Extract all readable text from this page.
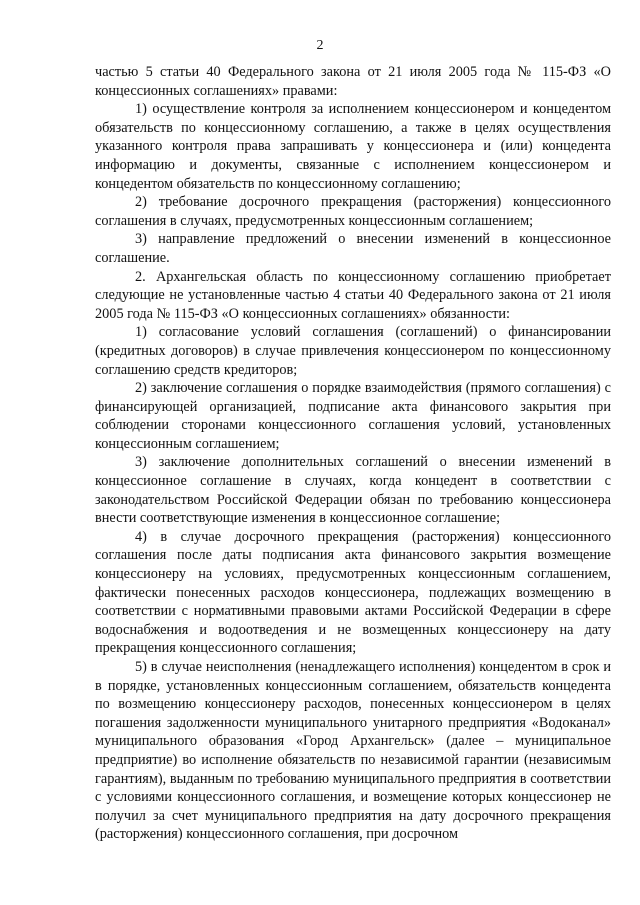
2

частью 5 статьи 40 Федерального закона от 21 июля 2005 года № 115-ФЗ «О концессионных соглашениях» правами:

1) осуществление контроля за исполнением концессионером и концедентом обязательств по концессионному соглашению, а также в целях осуществления указанного контроля права запрашивать у концессионера и (или) концедента информацию и документы, связанные с исполнением концессионером и концедентом обязательств по концессионному соглашению;

2) требование досрочного прекращения (расторжения) концессионного соглашения в случаях, предусмотренных концессионным соглашением;

3) направление предложений о внесении изменений в концессионное соглашение.

2. Архангельская область по концессионному соглашению приобретает следующие не установленные частью 4 статьи 40 Федерального закона от 21 июля 2005 года № 115-ФЗ «О концессионных соглашениях» обязанности:

1) согласование условий соглашения (соглашений) о финансировании (кредитных договоров) в случае привлечения концессионером по концессионному соглашению средств кредиторов;

2) заключение соглашения о порядке взаимодействия (прямого соглашения) с финансирующей организацией, подписание акта финансового закрытия при соблюдении сторонами концессионного соглашения условий, установленных концессионным соглашением;

3) заключение дополнительных соглашений о внесении изменений в концессионное соглашение в случаях, когда концедент в соответствии с законодательством Российской Федерации обязан по требованию концессионера внести соответствующие изменения в концессионное соглашение;

4) в случае досрочного прекращения (расторжения) концессионного соглашения после даты подписания акта финансового закрытия возмещение концессионеру на условиях, предусмотренных концессионным соглашением, фактически понесенных расходов концессионера, подлежащих возмещению в соответствии с нормативными правовыми актами Российской Федерации в сфере водоснабжения и водоотведения и не возмещенных концессионеру на дату прекращения концессионного соглашения;

5) в случае неисполнения (ненадлежащего исполнения) концедентом в срок и в порядке, установленных концессионным соглашением, обязательств концедента по возмещению концессионеру расходов, понесенных концессионером в целях погашения задолженности муниципального унитарного предприятия «Водоканал» муниципального образования «Город Архангельск» (далее – муниципальное предприятие) во исполнение обязательств по независимой гарантии (независимым гарантиям), выданным по требованию муниципального предприятия в соответствии с условиями концессионного соглашения, и возмещение которых концессионер не получил за счет муниципального предприятия на дату досрочного прекращения (расторжения) концессионного соглашения, при досрочном
